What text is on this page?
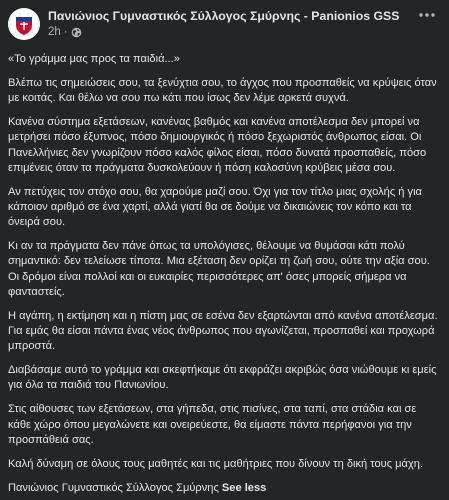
Πανιώνιος Γυμναστικός Σύλλογος Σμύρνης - Panionios GSS
2h ·

«Το γράμμα μας προς τα παιδιά...»

Βλέπω τις σημειώσεις σου, τα ξενύχτια σου, το άγχος που προσπαθείς να κρύψεις όταν με κοιτάς. Και θέλω να σου πω κάτι που ίσως δεν λέμε αρκετά συχνά.

Κανένα σύστημα εξετάσεων, κανένας βαθμός και κανένα αποτέλεσμα δεν μπορεί να μετρήσει πόσο έξυπνος, πόσο δημιουργικός ή πόσο ξεχωριστός άνθρωπος είσαι. Οι Πανελλήνιες δεν γνωρίζουν πόσο καλός φίλος είσαι, πόσο δυνατά προσπαθείς, πόσο επιμένεις όταν τα πράγματα δυσκολεύουν ή πόση καλοσύνη κρύβεις μέσα σου.

Αν πετύχεις τον στόχο σου, θα χαρούμε μαζί σου. Όχι για τον τίτλο μιας σχολής ή για κάποιον αριθμό σε ένα χαρτί, αλλά γιατί θα σε δούμε να δικαιώνεις τον κόπο και τα όνειρά σου.

Κι αν τα πράγματα δεν πάνε όπως τα υπολόγισες, θέλουμε να θυμάσαι κάτι πολύ σημαντικό: δεν τελείωσε τίποτα. Μια εξέταση δεν ορίζει τη ζωή σου, ούτε την αξία σου. Οι δρόμοι είναι πολλοί και οι ευκαιρίες περισσότερες απ' όσες μπορείς σήμερα να φανταστείς.

Η αγάπη, η εκτίμηση και η πίστη μας σε εσένα δεν εξαρτώνται από κανένα αποτέλεσμα. Για εμάς θα είσαι πάντα ένας νέος άνθρωπος που αγωνίζεται, προσπαθεί και προχωρά μπροστά.

Διαβάσαμε αυτό το γράμμα και σκεφτήκαμε ότι εκφράζει ακριβώς όσα νιώθουμε κι εμείς για όλα τα παιδιά του Πανιωνίου.

Στις αίθουσες των εξετάσεων, στα γήπεδα, στις πισίνες, στα ταπί, στα στάδια και σε κάθε χώρο όπου μεγαλώνετε και ονειρεύεστε, θα είμαστε πάντα περήφανοι για την προσπάθειά σας.

Καλή δύναμη σε όλους τους μαθητές και τις μαθήτριες που δίνουν τη δική τους μάχη.

Πανιώνιος Γυμναστικός Σύλλογος Σμύρνης See less
